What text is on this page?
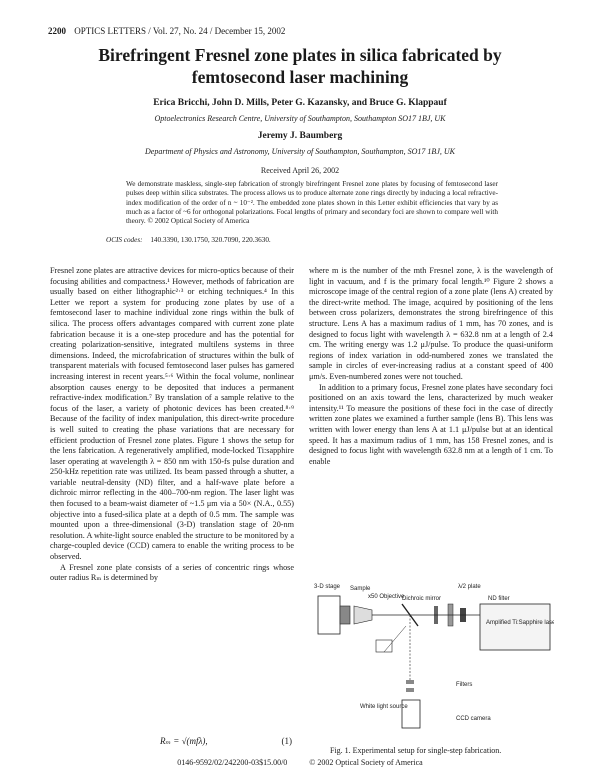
2200 OPTICS LETTERS / Vol. 27, No. 24 / December 15, 2002
Birefringent Fresnel zone plates in silica fabricated by
femtosecond laser machining
Erica Bricchi, John D. Mills, Peter G. Kazansky, and Bruce G. Klappauf
Optoelectronics Research Centre, University of Southampton, Southampton SO17 1BJ, UK
Jeremy J. Baumberg
Department of Physics and Astronomy, University of Southampton, Southampton, SO17 1BJ, UK
Received April 26, 2002
We demonstrate maskless, single-step fabrication of strongly birefringent Fresnel zone plates by focusing of femtosecond laser pulses deep within silica substrates. The process allows us to produce alternate zone rings directly by inducing a local refractive-index modification of the order of n ~ 10⁻². The embedded zone plates shown in this Letter exhibit efficiencies that vary by as much as a factor of ~6 for orthogonal polarizations. Focal lengths of primary and secondary foci are shown to compare well with theory. © 2002 Optical Society of America
OCIS codes: 140.3390, 130.1750, 320.7090, 220.3630.

Fresnel zone plates are attractive devices for micro-optics because of their focusing abilities and compactness.¹ However, methods of fabrication are usually based on either lithographic²·³ or etching techniques.⁴ In this Letter we report a system for producing zone plates by use of a femtosecond laser to machine individual zone rings within the bulk of silica. The process offers advantages compared with current zone plate fabrication because it is a one-step procedure and has the potential for creating polarization-sensitive, integrated multilens systems in three dimensions. Indeed, the microfabrication of structures within the bulk of transparent materials with focused femtosecond laser pulses has garnered increasing interest in recent years.⁵·⁶ Within the focal volume, nonlinear absorption causes energy to be deposited that induces a permanent refractive-index modification.⁷ By translation of a sample relative to the focus of the laser, a variety of photonic devices has been created.⁸·⁹ Because of the facility of index manipulation, this direct-write procedure is well suited to creating the phase variations that are necessary for efficient production of Fresnel zone plates. Figure 1 shows the setup for the lens fabrication. A regeneratively amplified, mode-locked Ti:sapphire laser operating at wavelength λ = 850 nm with 150-fs pulse duration and 250-kHz repetition rate was utilized. Its beam passed through a shutter, a variable neutral-density (ND) filter, and a half-wave plate before a dichroic mirror reflecting in the 400–700-nm region. The laser light was then focused to a beam-waist diameter of ~1.5 μm via a 50× (N.A., 0.55) objective into a fused-silica plate at a depth of 0.5 mm. The sample was mounted upon a three-dimensional (3-D) translation stage of 20-nm resolution. A white-light source enabled the structure to be monitored by a charge-coupled device (CCD) camera to enable the writing process to be observed.

A Fresnel zone plate consists of a series of concentric rings whose outer radius Rₘ is determined by

Rₘ = √(mfλ),	(1)

where m is the number of the mth Fresnel zone, λ is the wavelength of light in vacuum, and f is the primary focal length.¹⁰ Figure 2 shows a microscope image of the central region of a zone plate (lens A) created by the direct-write method. The image, acquired by positioning of the lens between cross polarizers, demonstrates the strong birefringence of this structure. Lens A has a maximum radius of 1 mm, has 70 zones, and is designed to focus light with wavelength λ = 632.8 nm at a length of 2.4 cm. The writing energy was 1.2 μJ/pulse. To produce the quasi-uniform regions of index variation in odd-numbered zones we translated the sample in circles of ever-increasing radius at a constant speed of 400 μm/s. Even-numbered zones were not touched.

In addition to a primary focus, Fresnel zone plates have secondary foci positioned on an axis toward the lens, characterized by much weaker intensity.¹¹ To measure the positions of these foci in the case of directly written zone plates we examined a further sample (lens B). This lens was written with lower energy than lens A at 1.1 μJ/pulse but at an identical speed. It has a maximum radius of 1 mm, has 158 Fresnel zones, and is designed to focus light with wavelength 632.8 nm at a length of 1 cm. To enable

3-D stage Sample
x50 Objective
Dichroic mirror
λ/2 plate
ND filter
Amplified Ti:Sapphire laser
Filters
White light source
CCD camera
Fig. 1. Experimental setup for single-step fabrication.
0146-9592/02/242200-03$15.00/0	© 2002 Optical Society of America
